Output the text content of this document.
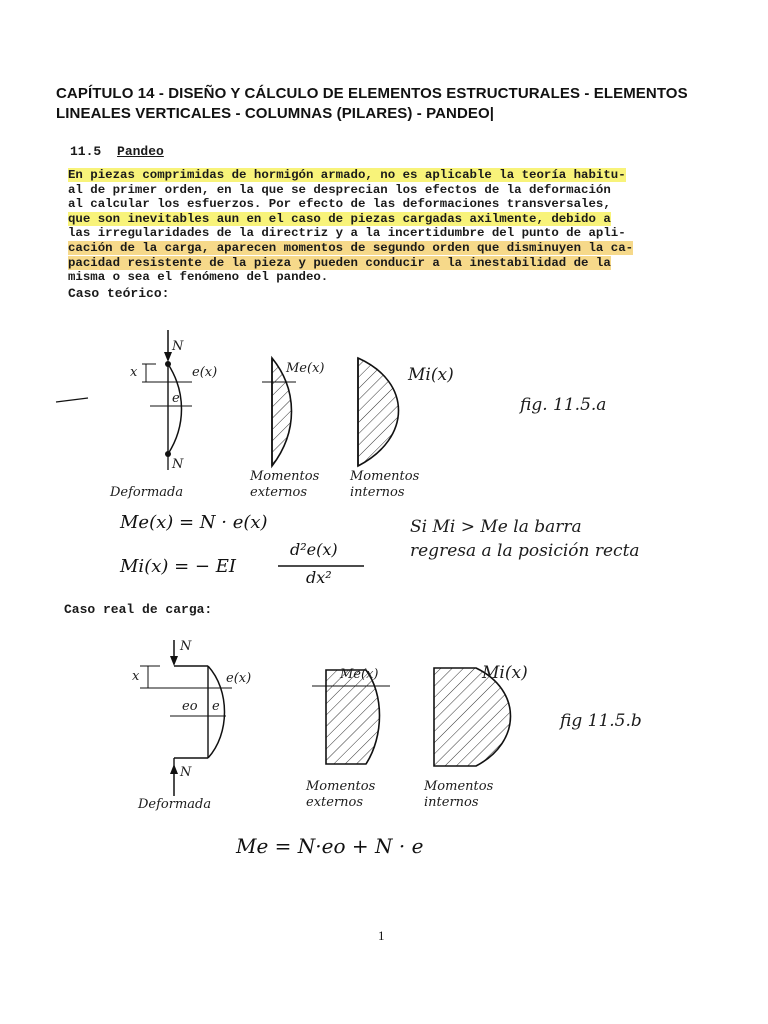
CAPÍTULO 14 - DISEÑO Y CÁLCULO DE ELEMENTOS ESTRUCTURALES - ELEMENTOS LINEALES VERTICALES - COLUMNAS (PILARES) - PANDEO|
11.5 Pandeo
En piezas comprimidas de hormigón armado, no es aplicable la teoría habitu-
al de primer orden, en la que se desprecian los efectos de la deformación
al calcular los esfuerzos. Por efecto de las deformaciones transversales,
que son inevitables aun en el caso de piezas cargadas axilmente, debido a
las irregularidades de la directriz y a la incertidumbre del punto de apli-
cación de la carga, aparecen momentos de segundo orden que disminuyen la ca-
pacidad resistente de la pieza y pueden conducir a la inestabilidad de la
misma o sea el fenómeno del pandeo.
Caso teórico:
N
N
x	e(x)
e
Me(x)	Mi(x)
fig. 11.5.a
Deformada
Momentos
externos
Momentos
internos
Me(x) = N · e(x)
Mi(x) = − EI
d²e(x)
dx²
Si Mi > Me la barra
regresa a la posición recta
Caso real de carga:
N
N
x	e(x)
eo e
Me(x)	Mi(x)
fig 11.5.b
Deformada
Momentos
externos
Momentos
internos
Me = N·eo + N · e
1
